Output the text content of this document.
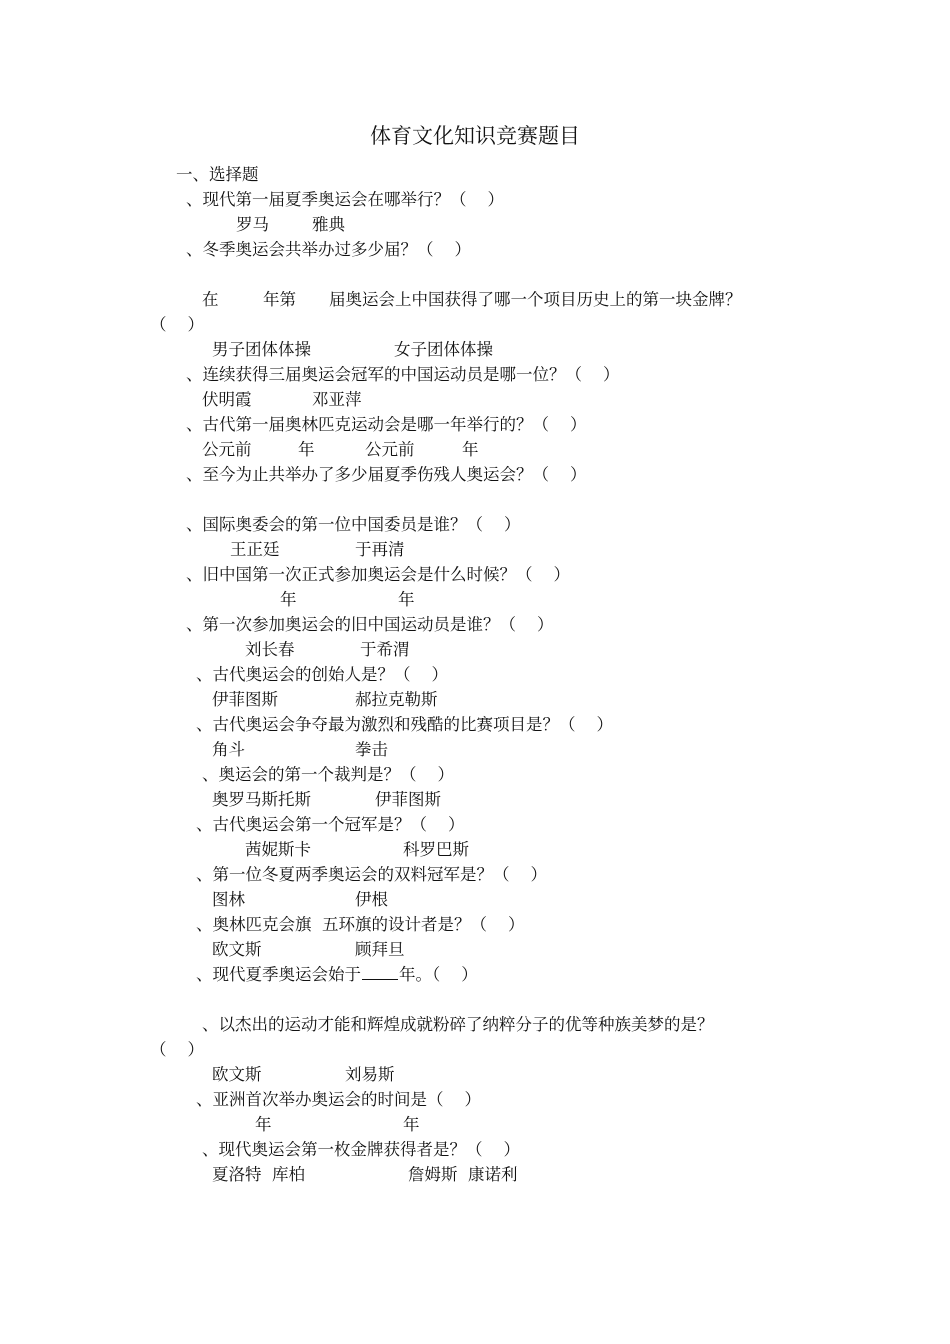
体育文化知识竞赛题目
一、选择题
、现代第一届夏季奥运会在哪举行？（    ）
罗马	雅典
、冬季奥运会共举办过多少届？（    ）
在	年第 届奥运会上中国获得了哪一个项目历史上的第一块金牌？
（    ）
男子团体体操	女子团体体操
、连续获得三届奥运会冠军的中国运动员是哪一位？（    ）
伏明霞	邓亚萍
、古代第一届奥林匹克运动会是哪一年举行的？（    ）
公元前	年	公元前	年
、至今为止共举办了多少届夏季伤残人奥运会？（    ）
、国际奥委会的第一位中国委员是谁？（    ）
王正廷	于再清
、旧中国第一次正式参加奥运会是什么时候？（    ）
年	年
、第一次参加奥运会的旧中国运动员是谁？（    ）
刘长春	于希渭
、古代奥运会的创始人是？（    ）
伊菲图斯	郝拉克勒斯
、古代奥运会争夺最为激烈和残酷的比赛项目是？（    ）
角斗	拳击
、奥运会的第一个裁判是？（    ）
奥罗马斯托斯	伊菲图斯
、古代奥运会第一个冠军是？（    ）
茜妮斯卡	科罗巴斯
、第一位冬夏两季奥运会的双料冠军是？（    ）
图林	伊根
、奥林匹克会旗  五环旗的设计者是？（    ）
欧文斯	顾拜旦
、以杰出的运动才能和辉煌成就粉碎了纳粹分子的优等种族美梦的是？
（    ）
欧文斯	刘易斯
、亚洲首次举办奥运会的时间是（    ）
年	年
、现代奥运会第一枚金牌获得者是？（    ）
夏洛特  库柏	詹姆斯  康诺利
、现代夏季奥运会始于 年。（    ）
